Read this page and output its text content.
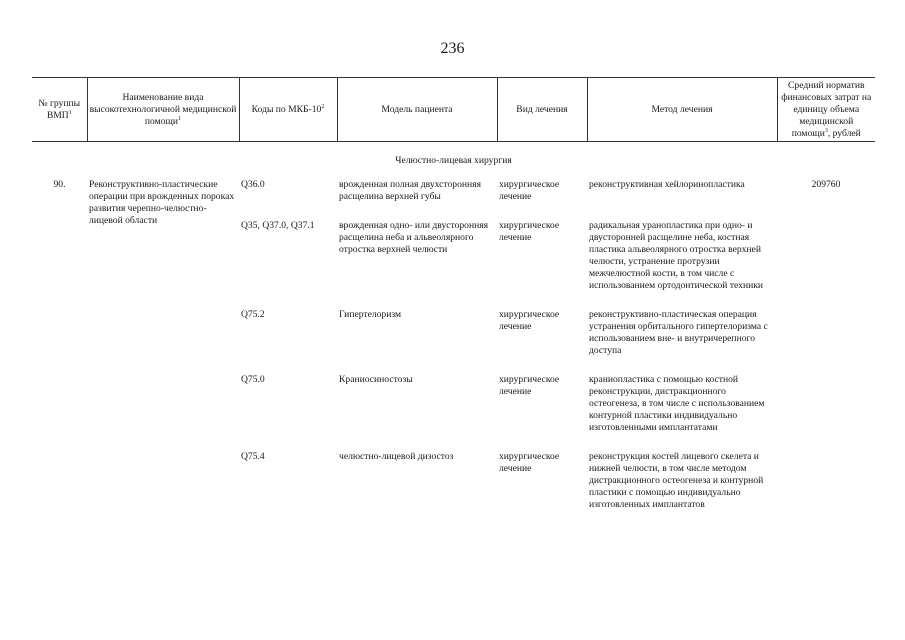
236
№ группы ВМП$^1$	Наименование вида высокотехнологичной медицинской помощи$^1$	Коды по МКБ-$10^2$	Модель пациента	Вид лечения	Метод лечения	Средний норматив финансовых затрат на единицу объема медицинской помощи$^3$, рублей
Челюстно-лицевая хирургия						
90.	Реконструктивно-пластические операции при врожденных пороках развития черепно-челюстно-лицевой области	Q36.0	врожденная полная двухсторонняя расщелина верхней губы	хирургическое лечение	реконструктивная хейлоринопластика	209760
		Q35, Q37.0, Q37.1	врожденная одно- или двусторонняя расщелина неба и альвеолярного отростка верхней челюсти	хирургическое лечение	радикальная уранопластика при одно- и двусторонней расщелине неба, костная пластика альвеолярного отростка верхней челюсти, устранение протрузии межчелюстной кости, в том числе с использованием ортодонтической техники	
		Q75.2	Гипертелоризм	хирургическое лечение	реконструктивно-пластическая операция устранения орбитального гипертелоризма с использованием вне- и внутричерепного доступа	
		Q75.0	Краниосиностозы	хирургическое лечение	краниопластика с помощью костной реконструкции, дистракционного остеогенеза, в том числе с использованием контурной пластики индивидуально изготовленными имплантатами	
		Q75.4	челюстно-лицевой дизостоз	хирургическое лечение	реконструкция костей лицевого скелета и нижней челюсти, в том числе методом дистракционного остеогенеза и контурной пластики с помощью индивидуально изготовленных имплантатов	
